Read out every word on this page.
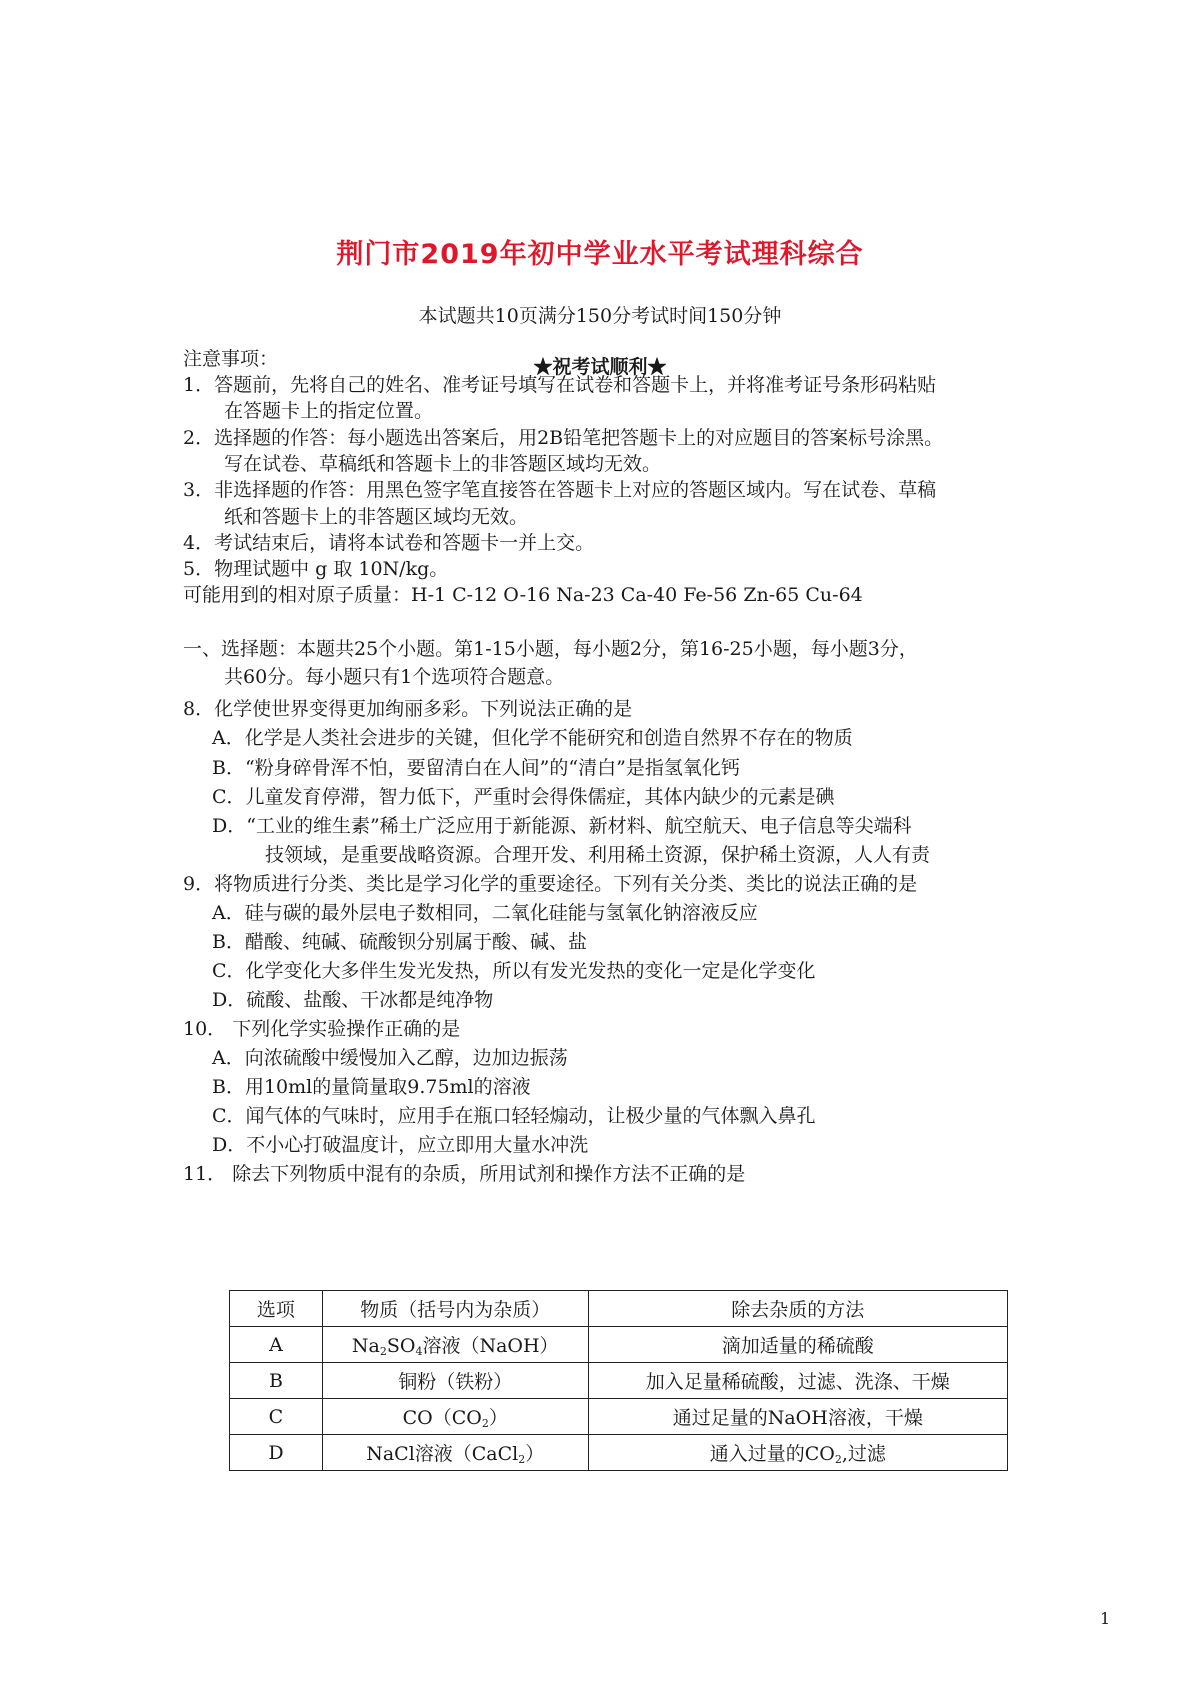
荆门市2019年初中学业水平考试理科综合
本试题共10页满分150分考试时间150分钟
★祝考试顺利★
注意事项：
1．答题前，先将自己的姓名、准考证号填写在试卷和答题卡上，并将准考证号条形码粘贴
在答题卡上的指定位置。
2．选择题的作答：每小题选出答案后，用2B铅笔把答题卡上的对应题目的答案标号涂黑。
写在试卷、草稿纸和答题卡上的非答题区域均无效。
3．非选择题的作答：用黑色签字笔直接答在答题卡上对应的答题区域内。写在试卷、草稿
纸和答题卡上的非答题区域均无效。
4．考试结束后，请将本试卷和答题卡一并上交。
5．物理试题中 g 取 10N/kg。
可能用到的相对原子质量：H-1 C-12 O-16 Na-23 Ca-40 Fe-56 Zn-65 Cu-64
一、选择题：本题共25个小题。第1-15小题，每小题2分，第16-25小题，每小题3分，
共60分。每小题只有1个选项符合题意。
8．化学使世界变得更加绚丽多彩。下列说法正确的是
A．化学是人类社会进步的关键，但化学不能研究和创造自然界不存在的物质
B．“粉身碎骨浑不怕，要留清白在人间”的“清白”是指氢氧化钙
C．儿童发育停滞，智力低下，严重时会得侏儒症，其体内缺少的元素是碘
D．“工业的维生素”稀土广泛应用于新能源、新材料、航空航天、电子信息等尖端科
技领域，是重要战略资源。合理开发、利用稀土资源，保护稀土资源，人人有责
9．将物质进行分类、类比是学习化学的重要途径。下列有关分类、类比的说法正确的是
A．硅与碳的最外层电子数相同，二氧化硅能与氢氧化钠溶液反应
B．醋酸、纯碱、硫酸钡分别属于酸、碱、盐
C．化学变化大多伴生发光发热，所以有发光发热的变化一定是化学变化
D．硫酸、盐酸、干冰都是纯净物
10． 下列化学实验操作正确的是
A．向浓硫酸中缓慢加入乙醇，边加边振荡
B．用10ml的量筒量取9.75ml的溶液
C．闻气体的气味时，应用手在瓶口轻轻煽动，让极少量的气体飘入鼻孔
D．不小心打破温度计，应立即用大量水冲洗
11． 除去下列物质中混有的杂质，所用试剂和操作方法不正确的是
选项	物质（括号内为杂质）	除去杂质的方法
A	$Na_2SO_4$溶液（NaOH）	滴加适量的稀硫酸
B	铜粉（铁粉）	加入足量稀硫酸，过滤、洗涤、干燥
C	$CO(CO_2)$	通过足量的NaOH溶液，干燥
D	NaCl溶液（CaCl$_2$）	通入过量的$CO_2$,过滤
1
